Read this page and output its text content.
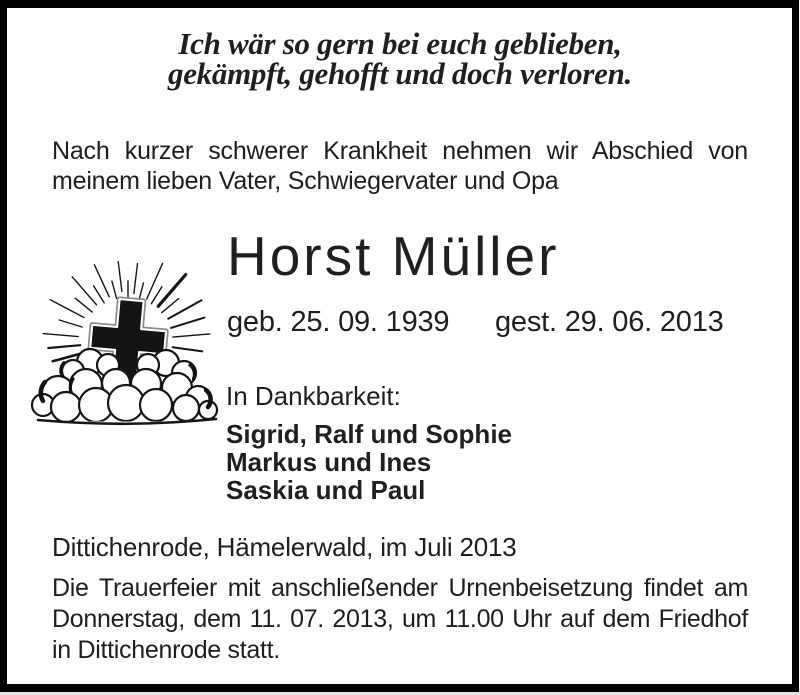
Ich wär so gern bei euch geblieben,
gekämpft, gehofft und doch verloren.
Nach kurzer schwerer Krankheit nehmen wir Abschied von
meinem lieben Vater, Schwiegervater und Opa
Horst Müller
geb. 25. 09. 1939 gest. 29. 06. 2013
In Dankbarkeit:
Sigrid, Ralf und Sophie
Markus und Ines
Saskia und Paul
Dittichenrode, Hämelerwald, im Juli 2013
Die Trauerfeier mit anschließender Urnenbeisetzung findet am
Donnerstag, dem 11. 07. 2013, um 11.00 Uhr auf dem Friedhof
in Dittichenrode statt.
